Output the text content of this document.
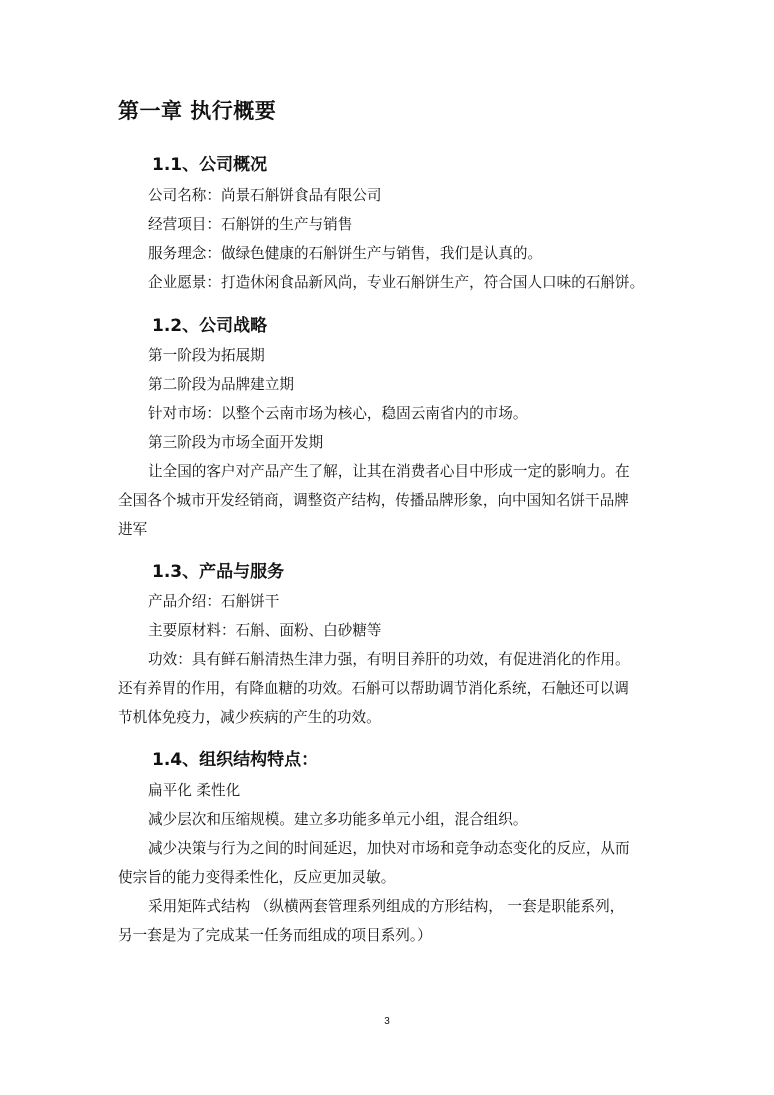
第一章 执行概要
1.1、公司概况
公司名称：尚景石斛饼食品有限公司
经营项目：石斛饼的生产与销售
服务理念：做绿色健康的石斛饼生产与销售，我们是认真的。
企业愿景：打造休闲食品新风尚，专业石斛饼生产，符合国人口味的石斛饼。
1.2、公司战略
第一阶段为拓展期
第二阶段为品牌建立期
针对市场：以整个云南市场为核心，稳固云南省内的市场。
第三阶段为市场全面开发期
让全国的客户对产品产生了解，让其在消费者心目中形成一定的影响力。在
全国各个城市开发经销商，调整资产结构，传播品牌形象，向中国知名饼干品牌
进军
1.3、产品与服务
产品介绍：石斛饼干
主要原材料：石斛、面粉、白砂糖等
功效：具有鲜石斛清热生津力强，有明目养肝的功效，有促进消化的作用。
还有养胃的作用，有降血糖的功效。石斛可以帮助调节消化系统，石触还可以调
节机体免疫力，减少疾病的产生的功效。
1.4、组织结构特点：
扁平化 柔性化
减少层次和压缩规模。建立多功能多单元小组，混合组织。
减少决策与行为之间的时间延迟，加快对市场和竞争动态变化的反应，从而
使宗旨的能力变得柔性化，反应更加灵敏。
采用矩阵式结构 （纵横两套管理系列组成的方形结构， 一套是职能系列，
另一套是为了完成某一任务而组成的项目系列。）
3
